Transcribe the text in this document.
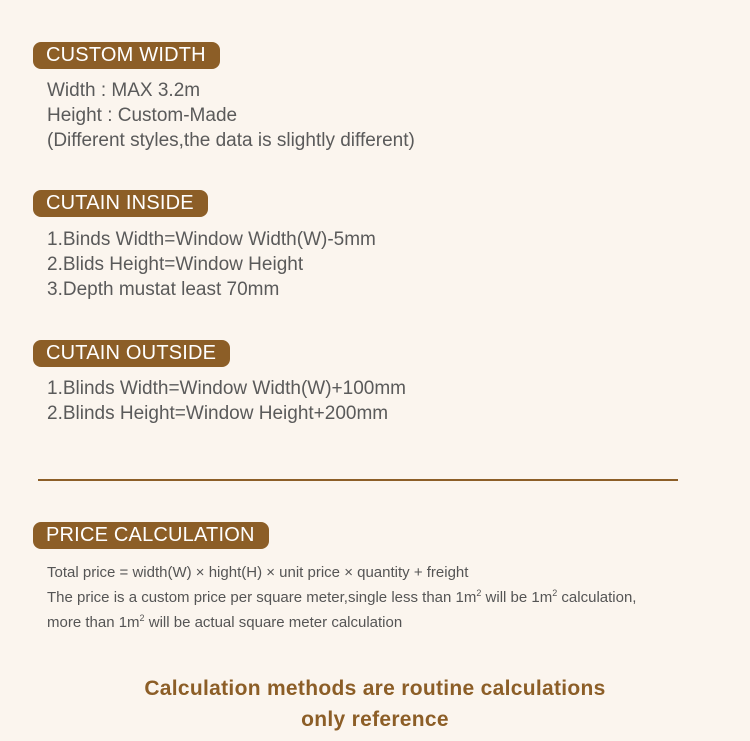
CUSTOM WIDTH
Width : MAX 3.2m
Height : Custom-Made
(Different styles,the data is slightly different)
CUTAIN INSIDE
1.Binds Width=Window Width(W)-5mm
2.Blids Height=Window Height
3.Depth mustat least 70mm
CUTAIN OUTSIDE
1.Blinds Width=Window Width(W)+100mm
2.Blinds Height=Window Height+200mm
PRICE CALCULATION
Total price = width(W) × hight(H) × unit price × quantity + freight
The price is a custom price per square meter,single less than $1m^2$ will be $1m^2$ calculation,
more than $1m^2$ will be actual square meter calculation
Calculation methods are routine calculations
only reference
